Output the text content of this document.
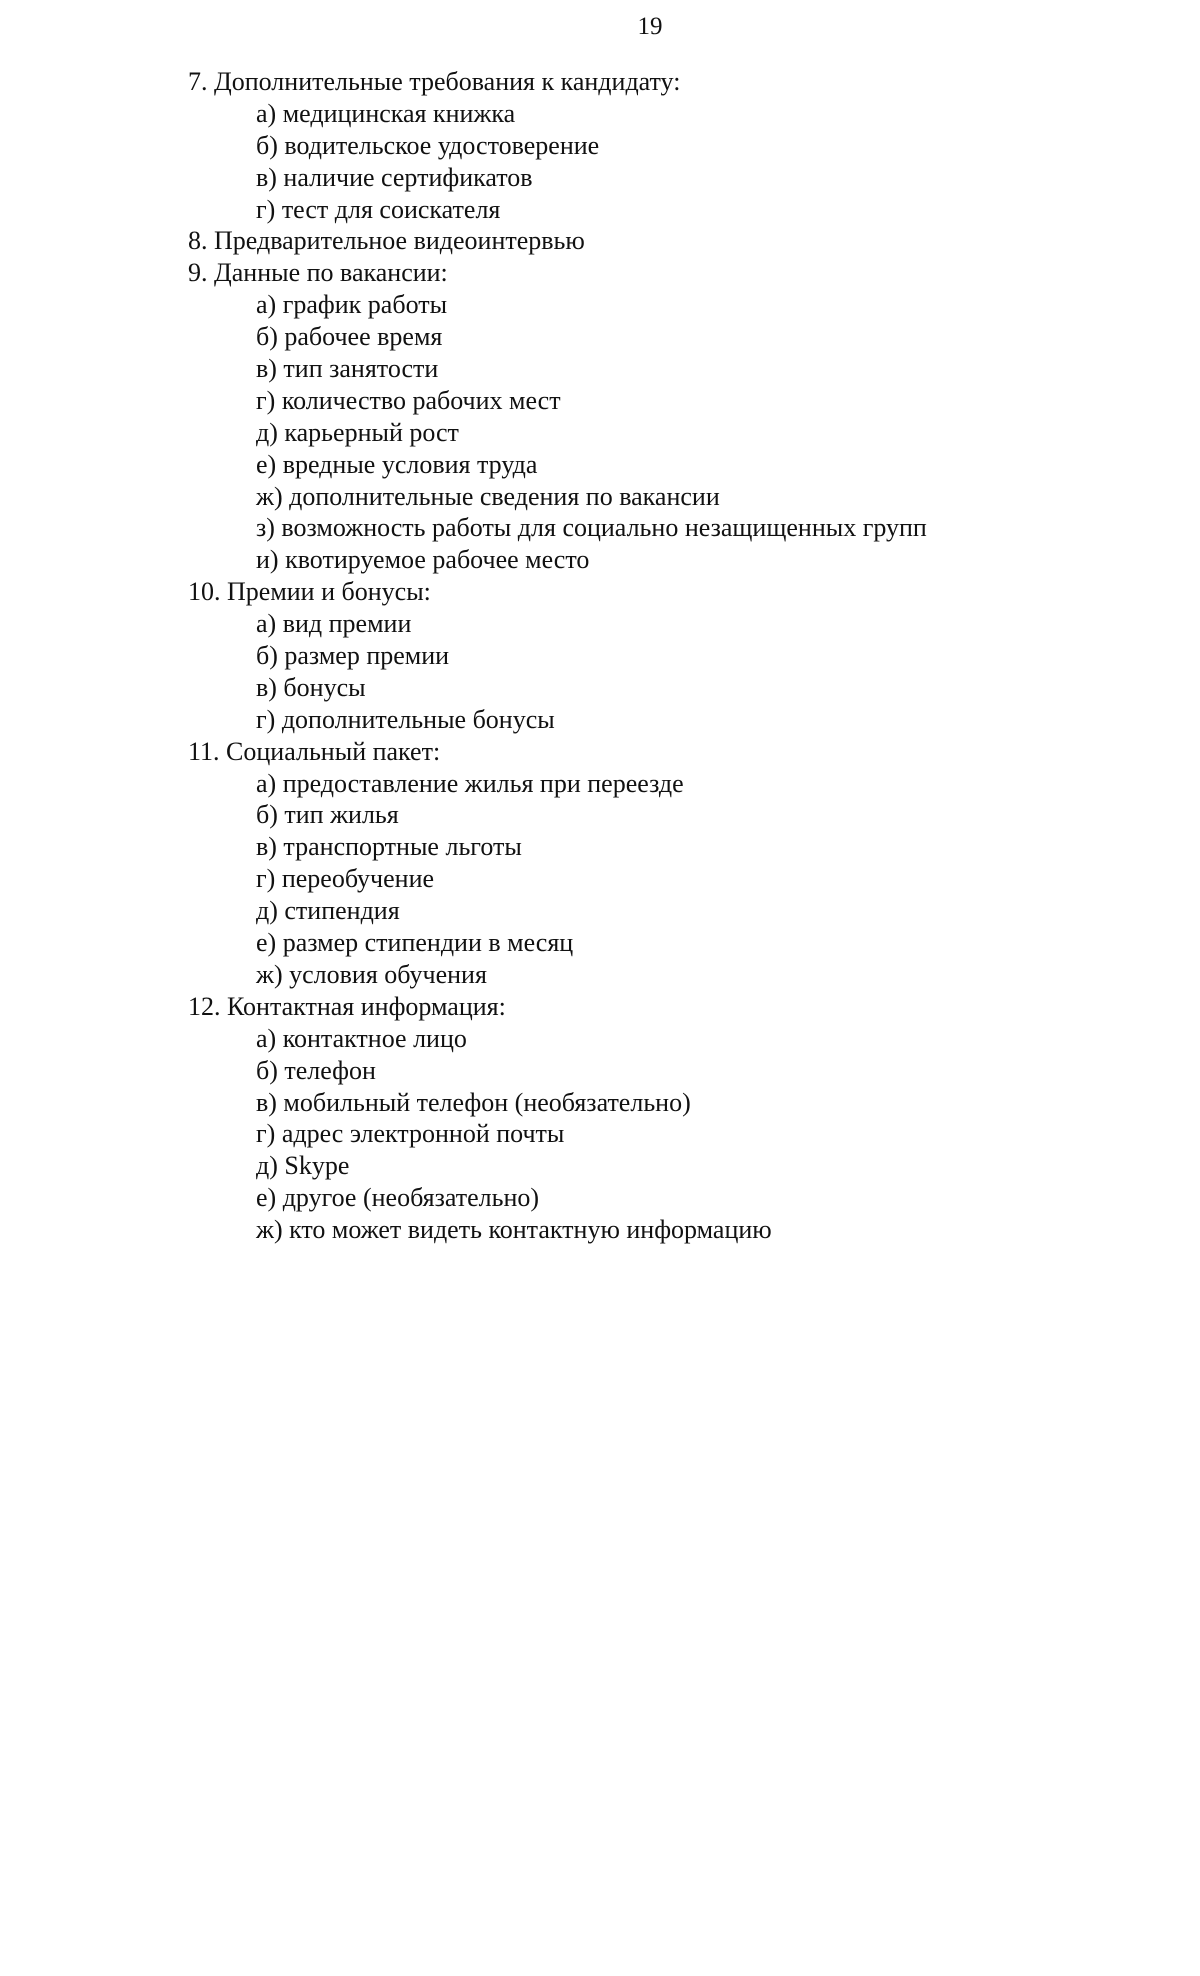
19
7. Дополнительные требования к кандидату:
а) медицинская книжка
б) водительское удостоверение
в) наличие сертификатов
г) тест для соискателя
8. Предварительное видеоинтервью
9. Данные по вакансии:
а) график работы
б) рабочее время
в) тип занятости
г) количество рабочих мест
д) карьерный рост
е) вредные условия труда
ж) дополнительные сведения по вакансии
з) возможность работы для социально незащищенных групп
и) квотируемое рабочее место
10. Премии и бонусы:
а) вид премии
б) размер премии
в) бонусы
г) дополнительные бонусы
11. Социальный пакет:
а) предоставление жилья при переезде
б) тип жилья
в) транспортные льготы
г) переобучение
д) стипендия
е) размер стипендии в месяц
ж) условия обучения
12. Контактная информация:
а) контактное лицо
б) телефон
в) мобильный телефон (необязательно)
г) адрес электронной почты
д) Skype
е) другое (необязательно)
ж) кто может видеть контактную информацию
